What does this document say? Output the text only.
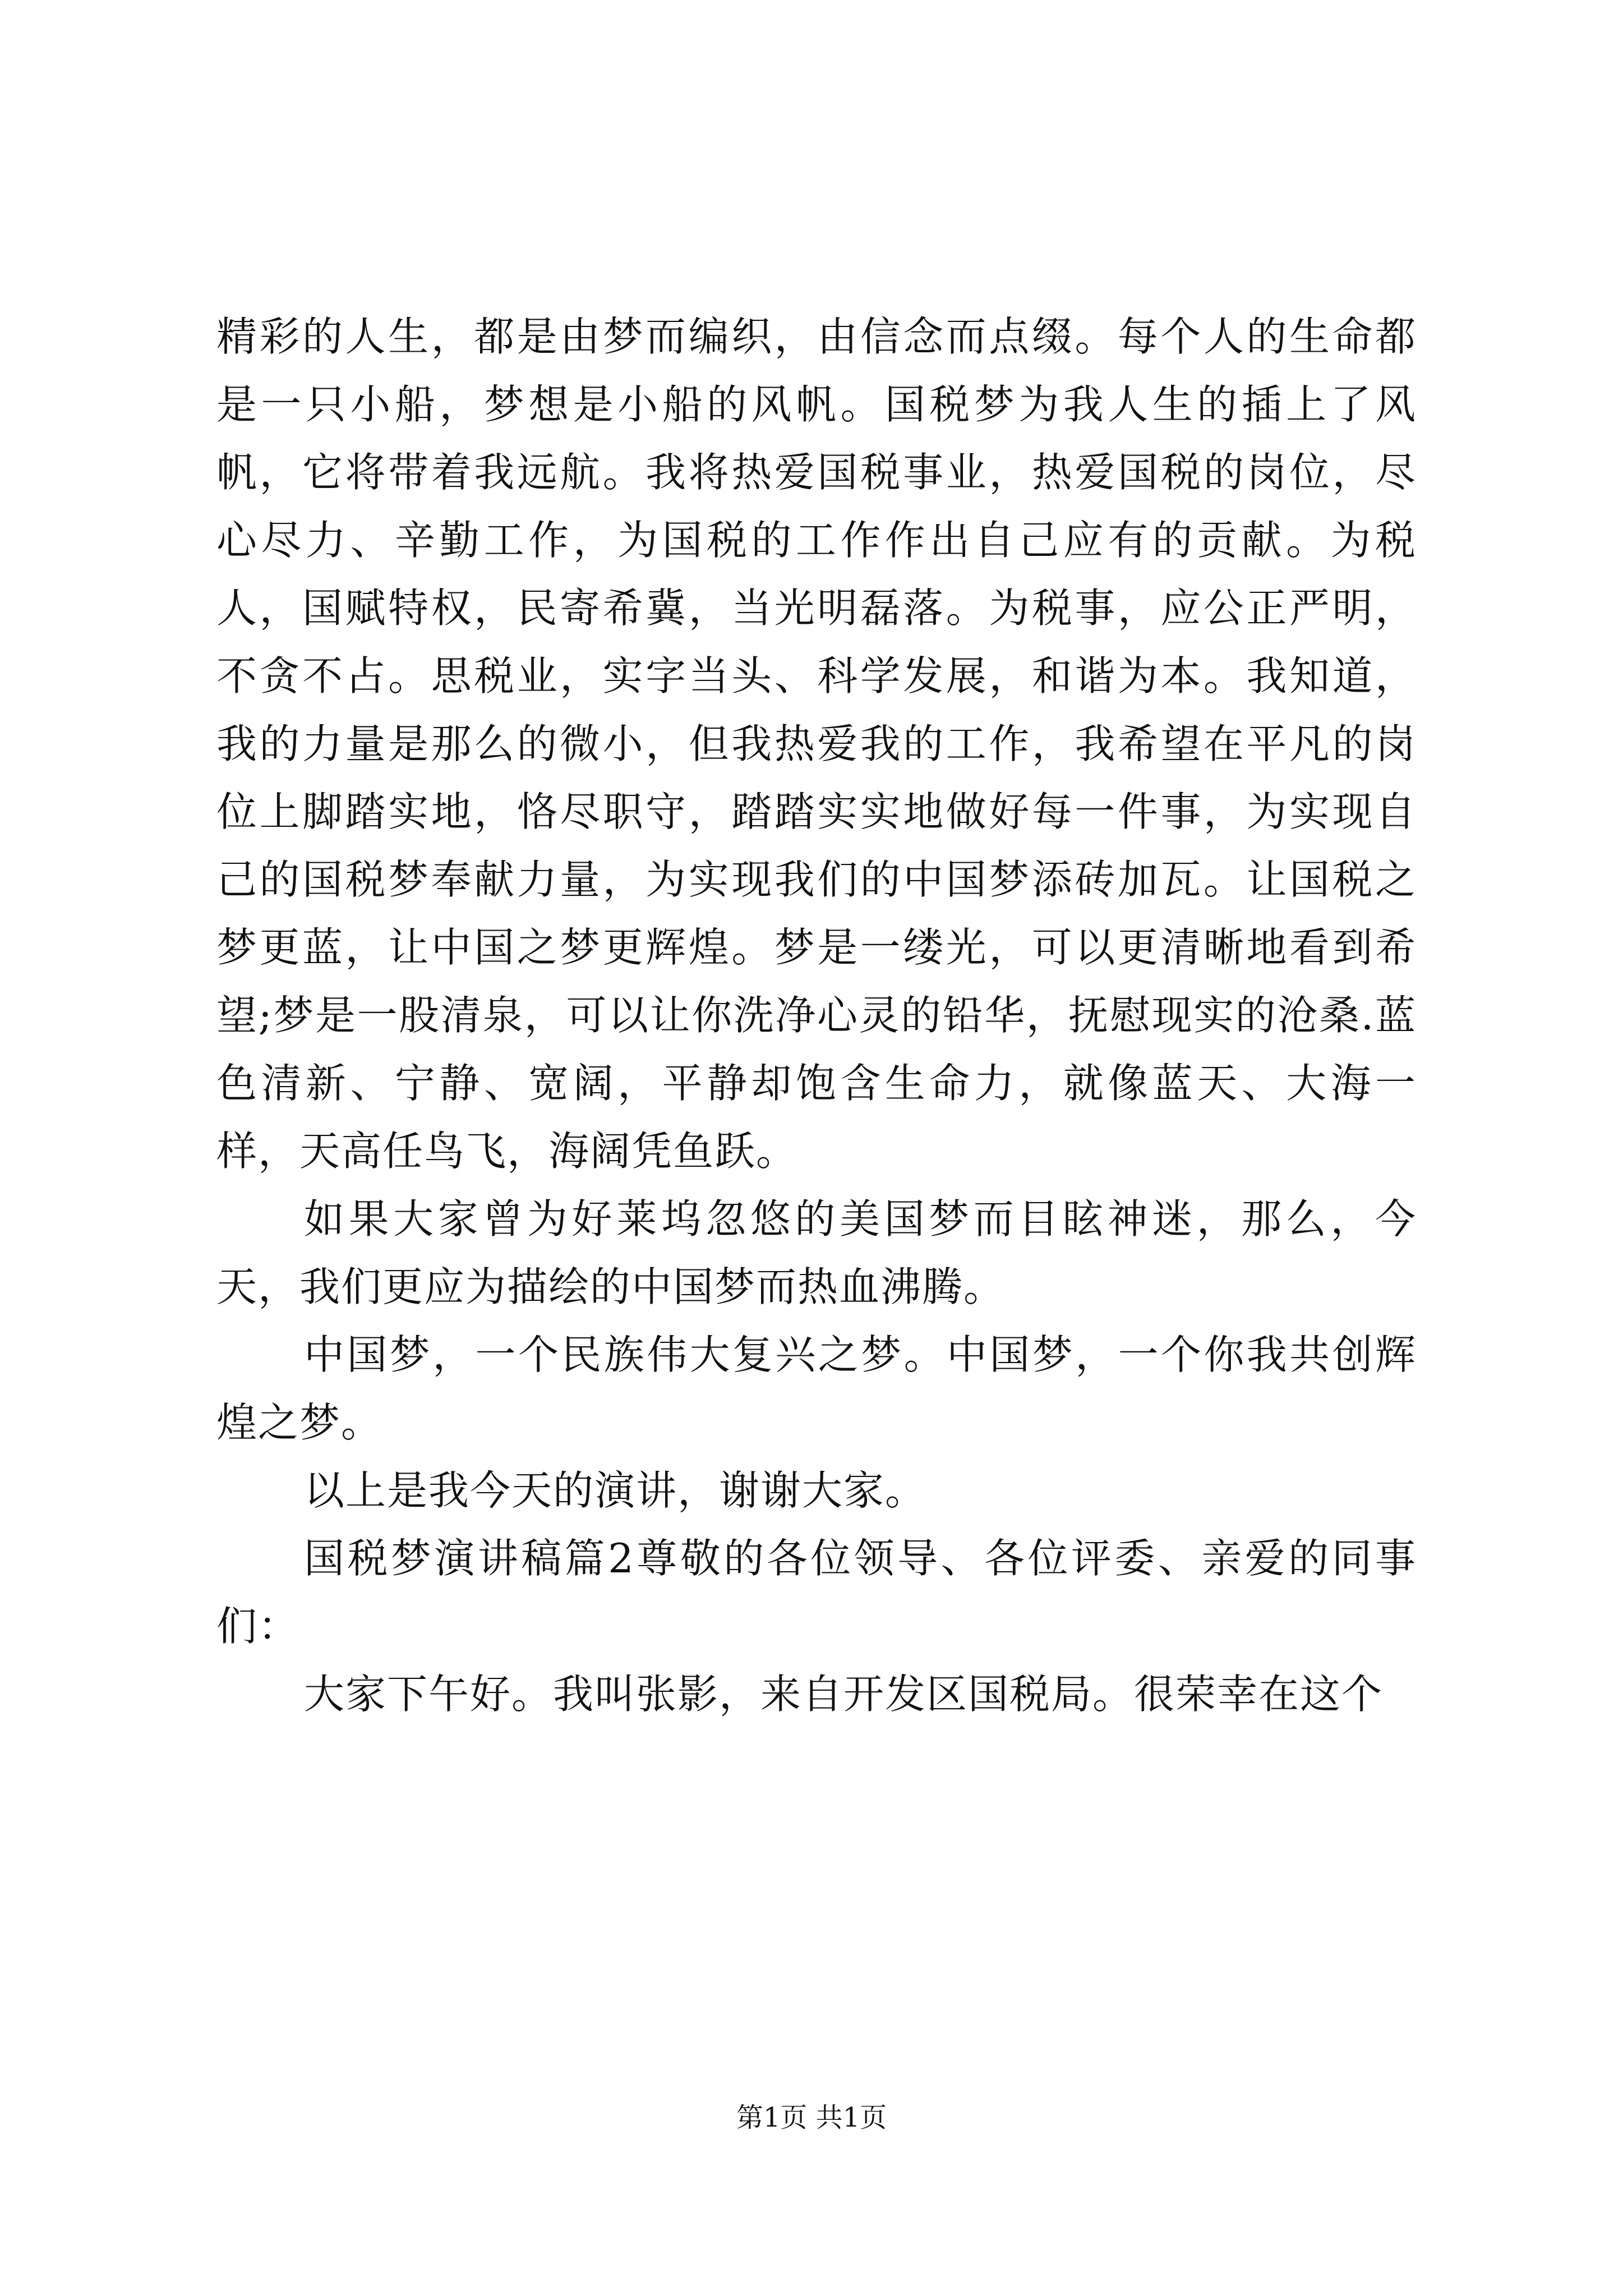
精彩的人生，都是由梦而编织，由信念而点缀。每个人的生命都是一只小船，梦想是小船的风帆。国税梦为我人生的插上了风帆，它将带着我远航。我将热爱国税事业，热爱国税的岗位，尽心尽力、辛勤工作，为国税的工作作出自己应有的贡献。为税人，国赋特权，民寄希冀，当光明磊落。为税事，应公正严明，不贪不占。思税业，实字当头、科学发展，和谐为本。我知道，我的力量是那么的微小，但我热爱我的工作，我希望在平凡的岗位上脚踏实地，恪尽职守，踏踏实实地做好每一件事，为实现自己的国税梦奉献力量，为实现我们的中国梦添砖加瓦。让国税之梦更蓝，让中国之梦更辉煌。梦是一缕光，可以更清晰地看到希望;梦是一股清泉，可以让你洗净心灵的铅华，抚慰现实的沧桑.蓝色清新、宁静、宽阔，平静却饱含生命力，就像蓝天、大海一样，天高任鸟飞，海阔凭鱼跃。

如果大家曾为好莱坞忽悠的美国梦而目眩神迷，那么，今天，我们更应为描绘的中国梦而热血沸腾。

中国梦，一个民族伟大复兴之梦。中国梦，一个你我共创辉煌之梦。

以上是我今天的演讲，谢谢大家。

国税梦演讲稿篇2尊敬的各位领导、各位评委、亲爱的同事们：

大家下午好。我叫张影，来自开发区国税局。很荣幸在这个

第1页 共1页
